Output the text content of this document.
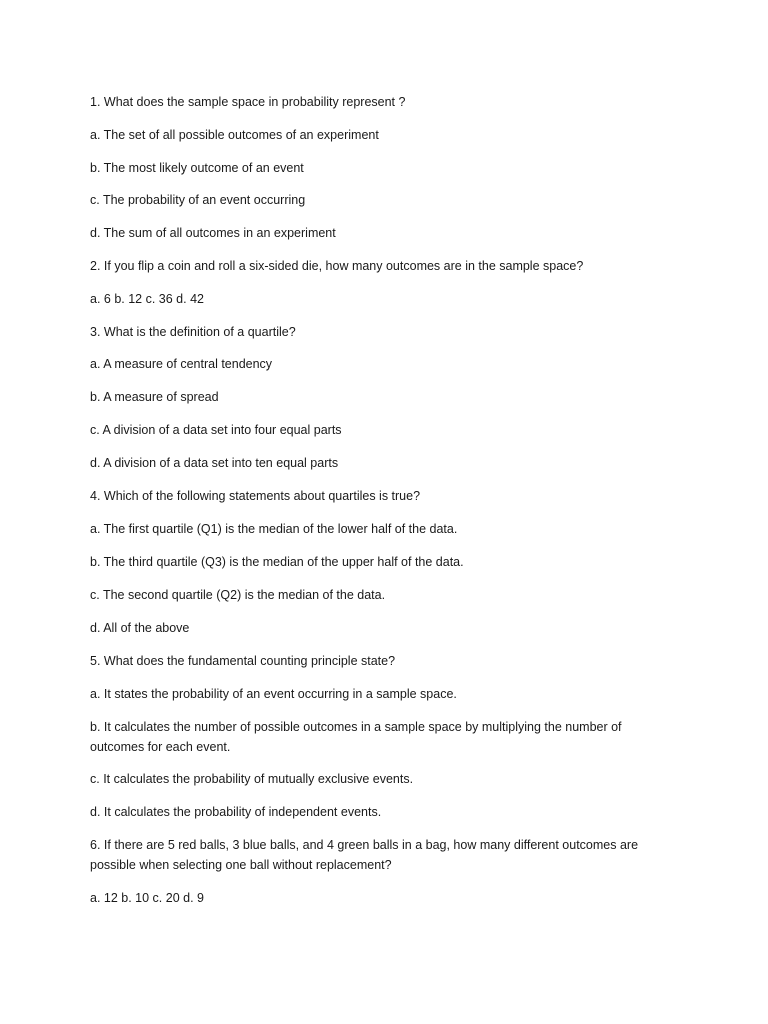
1. What does the sample space in probability represent ?
a. The set of all possible outcomes of an experiment
b. The most likely outcome of an event
c. The probability of an event occurring
d. The sum of all outcomes in an experiment
2. If you flip a coin and roll a six-sided die, how many outcomes are in the sample space?
a. 6 b. 12 c. 36 d. 42
3. What is the definition of a quartile?
a. A measure of central tendency
b. A measure of spread
c. A division of a data set into four equal parts
d. A division of a data set into ten equal parts
4. Which of the following statements about quartiles is true?
a. The first quartile (Q1) is the median of the lower half of the data.
b. The third quartile (Q3) is the median of the upper half of the data.
c. The second quartile (Q2) is the median of the data.
d. All of the above
5. What does the fundamental counting principle state?
a. It states the probability of an event occurring in a sample space.
b. It calculates the number of possible outcomes in a sample space by multiplying the number of outcomes for each event.
c. It calculates the probability of mutually exclusive events.
d. It calculates the probability of independent events.
6. If there are 5 red balls, 3 blue balls, and 4 green balls in a bag, how many different outcomes are possible when selecting one ball without replacement?
a. 12 b. 10 c. 20 d. 9
